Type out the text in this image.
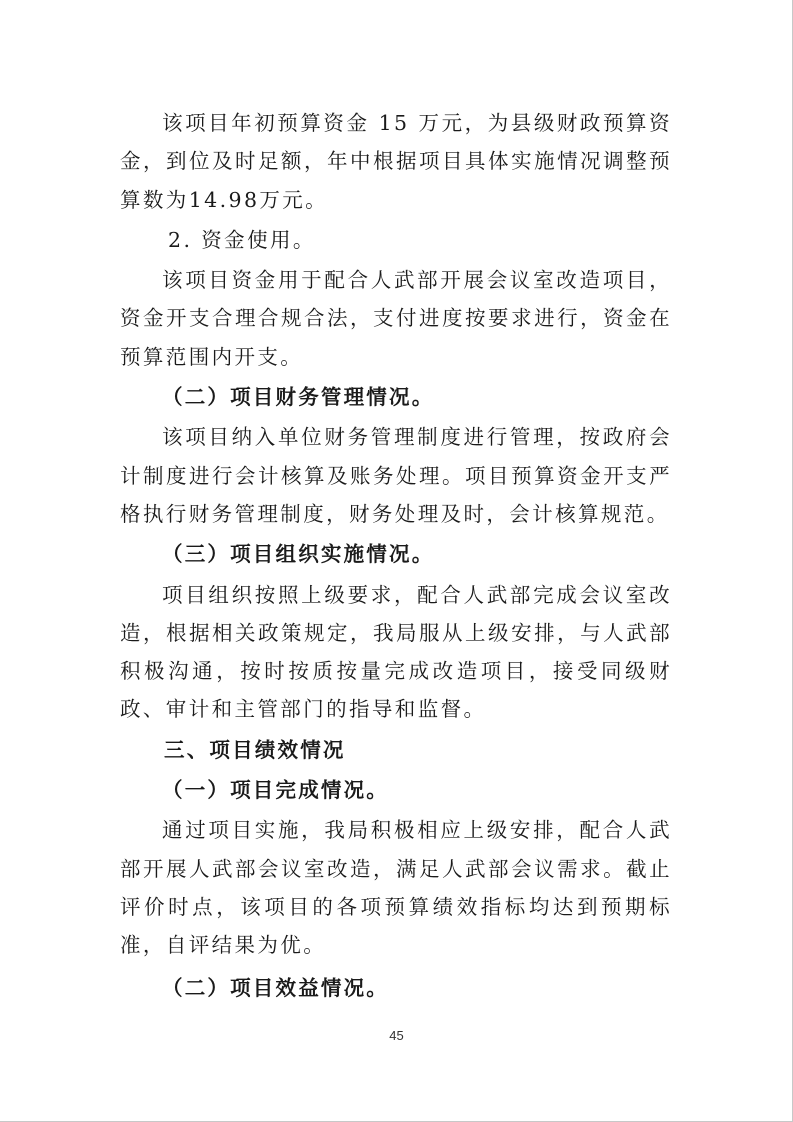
该项目年初预算资金 15 万元，为县级财政预算资金，到位及时足额，年中根据项目具体实施情况调整预算数为14.98万元。

2. 资金使用。

该项目资金用于配合人武部开展会议室改造项目，资金开支合理合规合法，支付进度按要求进行，资金在预算范围内开支。

（二）项目财务管理情况。

该项目纳入单位财务管理制度进行管理，按政府会计制度进行会计核算及账务处理。项目预算资金开支严格执行财务管理制度，财务处理及时，会计核算规范。

（三）项目组织实施情况。

项目组织按照上级要求，配合人武部完成会议室改造，根据相关政策规定，我局服从上级安排，与人武部积极沟通，按时按质按量完成改造项目，接受同级财政、审计和主管部门的指导和监督。

三、项目绩效情况

（一）项目完成情况。

通过项目实施，我局积极相应上级安排，配合人武部开展人武部会议室改造，满足人武部会议需求。截止评价时点，该项目的各项预算绩效指标均达到预期标准，自评结果为优。

（二）项目效益情况。

45
